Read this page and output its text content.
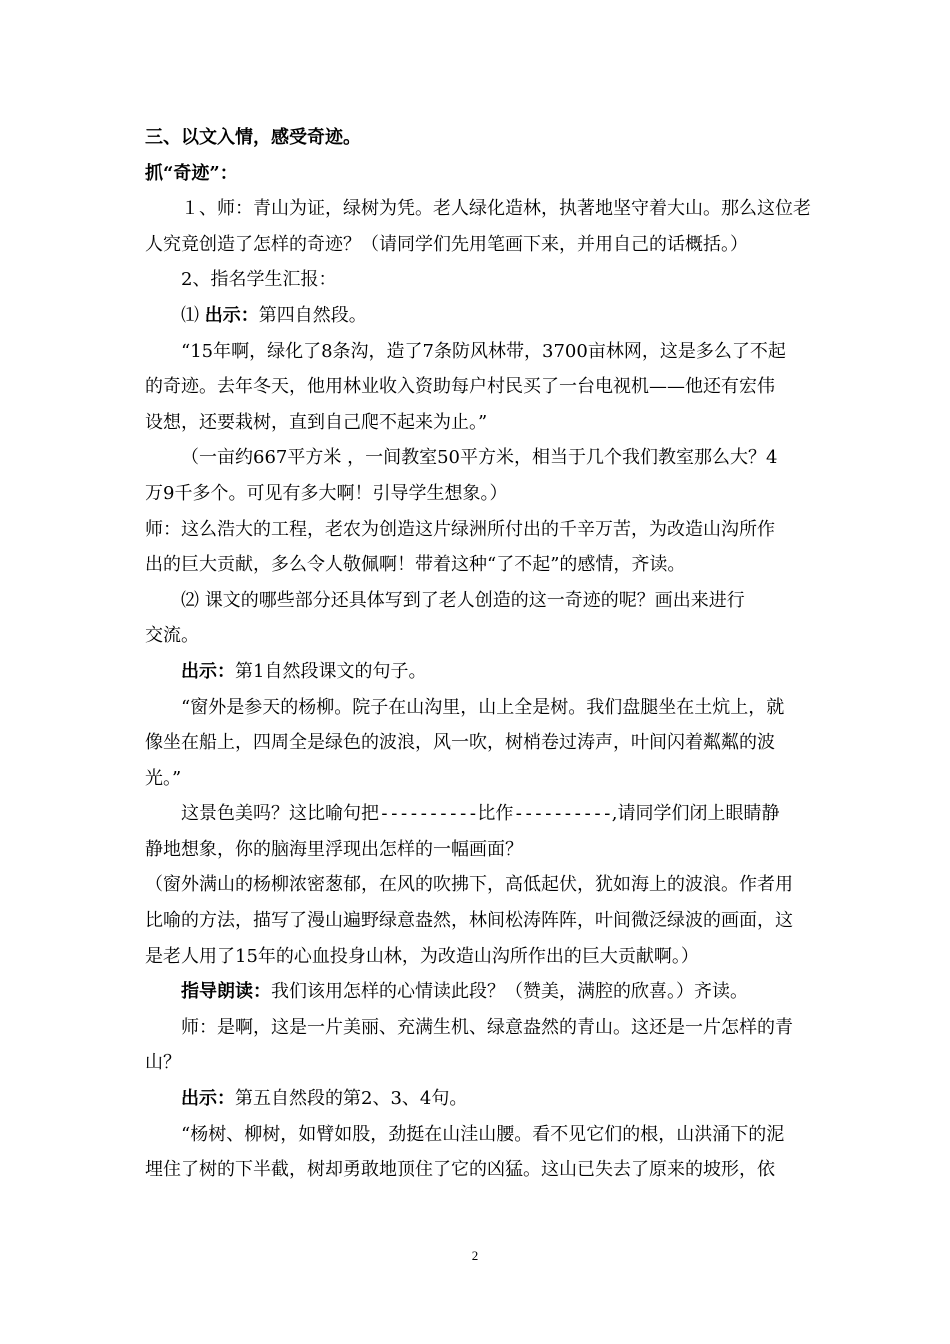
三、以文入情，感受奇迹。
抓“奇迹”：
１、师：青山为证，绿树为凭。老人绿化造林，执著地坚守着大山。那么这位老
人究竟创造了怎样的奇迹？（请同学们先用笔画下来，并用自己的话概括。）
2、指名学生汇报：
⑴ 出示：第四自然段。
“15年啊，绿化了8条沟，造了7条防风林带，3700亩林网，这是多么了不起
的奇迹。去年冬天，他用林业收入资助每户村民买了一台电视机——他还有宏伟
设想，还要栽树，直到自己爬不起来为止。”
（一亩约667平方米 ，一间教室50平方米，相当于几个我们教室那么大？4
万9千多个。可见有多大啊！引导学生想象。）
师：这么浩大的工程，老农为创造这片绿洲所付出的千辛万苦，为改造山沟所作
出的巨大贡献，多么令人敬佩啊！带着这种“了不起”的感情，齐读。
⑵ 课文的哪些部分还具体写到了老人创造的这一奇迹的呢？画出来进行
交流。
出示：第1自然段课文的句子。
“窗外是参天的杨柳。院子在山沟里，山上全是树。我们盘腿坐在土炕上，就
像坐在船上，四周全是绿色的波浪，风一吹，树梢卷过涛声，叶间闪着粼粼的波
光。”
这景色美吗？这比喻句把----------比作----------,请同学们闭上眼睛静
静地想象，你的脑海里浮现出怎样的一幅画面？
（窗外满山的杨柳浓密葱郁，在风的吹拂下，高低起伏，犹如海上的波浪。作者用
比喻的方法，描写了漫山遍野绿意盎然，林间松涛阵阵，叶间微泛绿波的画面，这
是老人用了15年的心血投身山林，为改造山沟所作出的巨大贡献啊。）
指导朗读：我们该用怎样的心情读此段？（赞美，满腔的欣喜。）齐读。
师：是啊，这是一片美丽、充满生机、绿意盎然的青山。这还是一片怎样的青
山？
出示：第五自然段的第2、3、4句。
“杨树、柳树，如臂如股，劲挺在山洼山腰。看不见它们的根，山洪涌下的泥
埋住了树的下半截，树却勇敢地顶住了它的凶猛。这山已失去了原来的坡形，依
2
